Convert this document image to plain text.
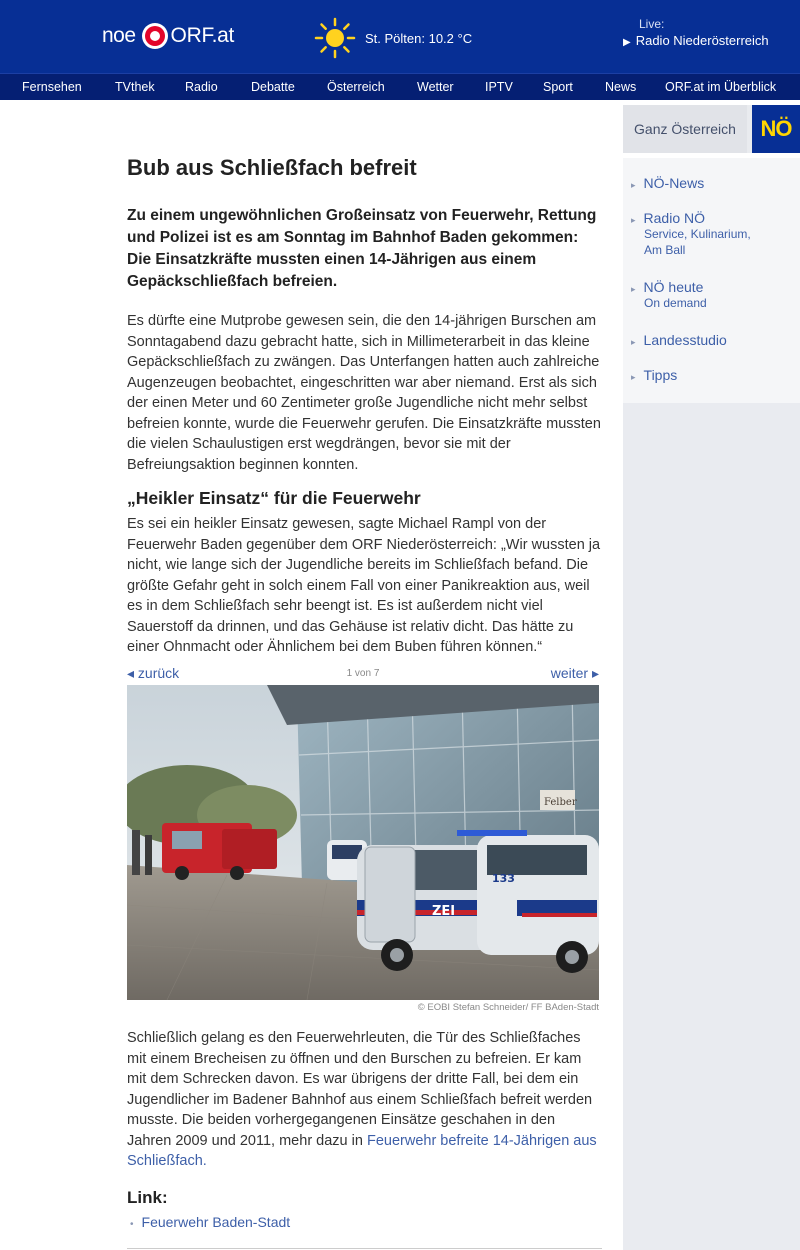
noe ORF.at	St. Pölten: 10.2 °C
Live:
▶ Radio Niederösterreich
Fernsehen	TVthek Radio	Debatte	Österreich	Wetter	IPTV Sport	News ORF.at im Überblick
Ganz Österreich	NÖ
▸ NÖ-News
▸ Radio NÖ
Service, Kulinarium,
Am Ball
▸ NÖ heute
On demand
▸ Landesstudio
▸ Tipps
Bub aus Schließfach befreit
Zu einem ungewöhnlichen Großeinsatz von Feuerwehr, Rettung und Polizei ist es am Sonntag im Bahnhof Baden gekommen: Die Einsatzkräfte mussten einen 14-Jährigen aus einem Gepäckschließfach befreien.
Es dürfte eine Mutprobe gewesen sein, die den 14-jährigen Burschen am Sonntagabend dazu gebracht hatte, sich in Millimeterarbeit in das kleine Gepäckschließfach zu zwängen. Das Unterfangen hatten auch zahlreiche Augenzeugen beobachtet, eingeschritten war aber niemand. Erst als sich der einen Meter und 60 Zentimeter große Jugendliche nicht mehr selbst befreien konnte, wurde die Feuerwehr gerufen. Die Einsatzkräfte mussten die vielen Schaulustigen erst wegdrängen, bevor sie mit der Befreiungsaktion beginnen konnten.
„Heikler Einsatz“ für die Feuerwehr
Es sei ein heikler Einsatz gewesen, sagte Michael Rampl von der Feuerwehr Baden gegenüber dem ORF Niederösterreich: „Wir wussten ja nicht, wie lange sich der Jugendliche bereits im Schließfach befand. Die größte Gefahr geht in solch einem Fall von einer Panikreaktion aus, weil es in dem Schließfach sehr beengt ist. Es ist außerdem nicht viel Sauerstoff da drinnen, und das Gehäuse ist relativ dicht. Das hätte zu einer Ohnmacht oder Ähnlichem bei dem Buben führen können.“
◂ zurück	1 von 7	weiter ▸
Felber
ZEI
133
© EOBI Stefan Schneider/ FF BAden-Stadt
Schließlich gelang es den Feuerwehrleuten, die Tür des Schließfaches mit einem Brecheisen zu öffnen und den Burschen zu befreien. Er kam mit dem Schrecken davon. Es war übrigens der dritte Fall, bei dem ein Jugendlicher im Badener Bahnhof aus einem Schließfach befreit werden musste. Die beiden vorhergegangenen Einsätze geschahen in den Jahren 2009 und 2011, mehr dazu in Feuerwehr befreite 14-Jährigen aus Schließfach.
Link:
• Feuerwehr Baden-Stadt
